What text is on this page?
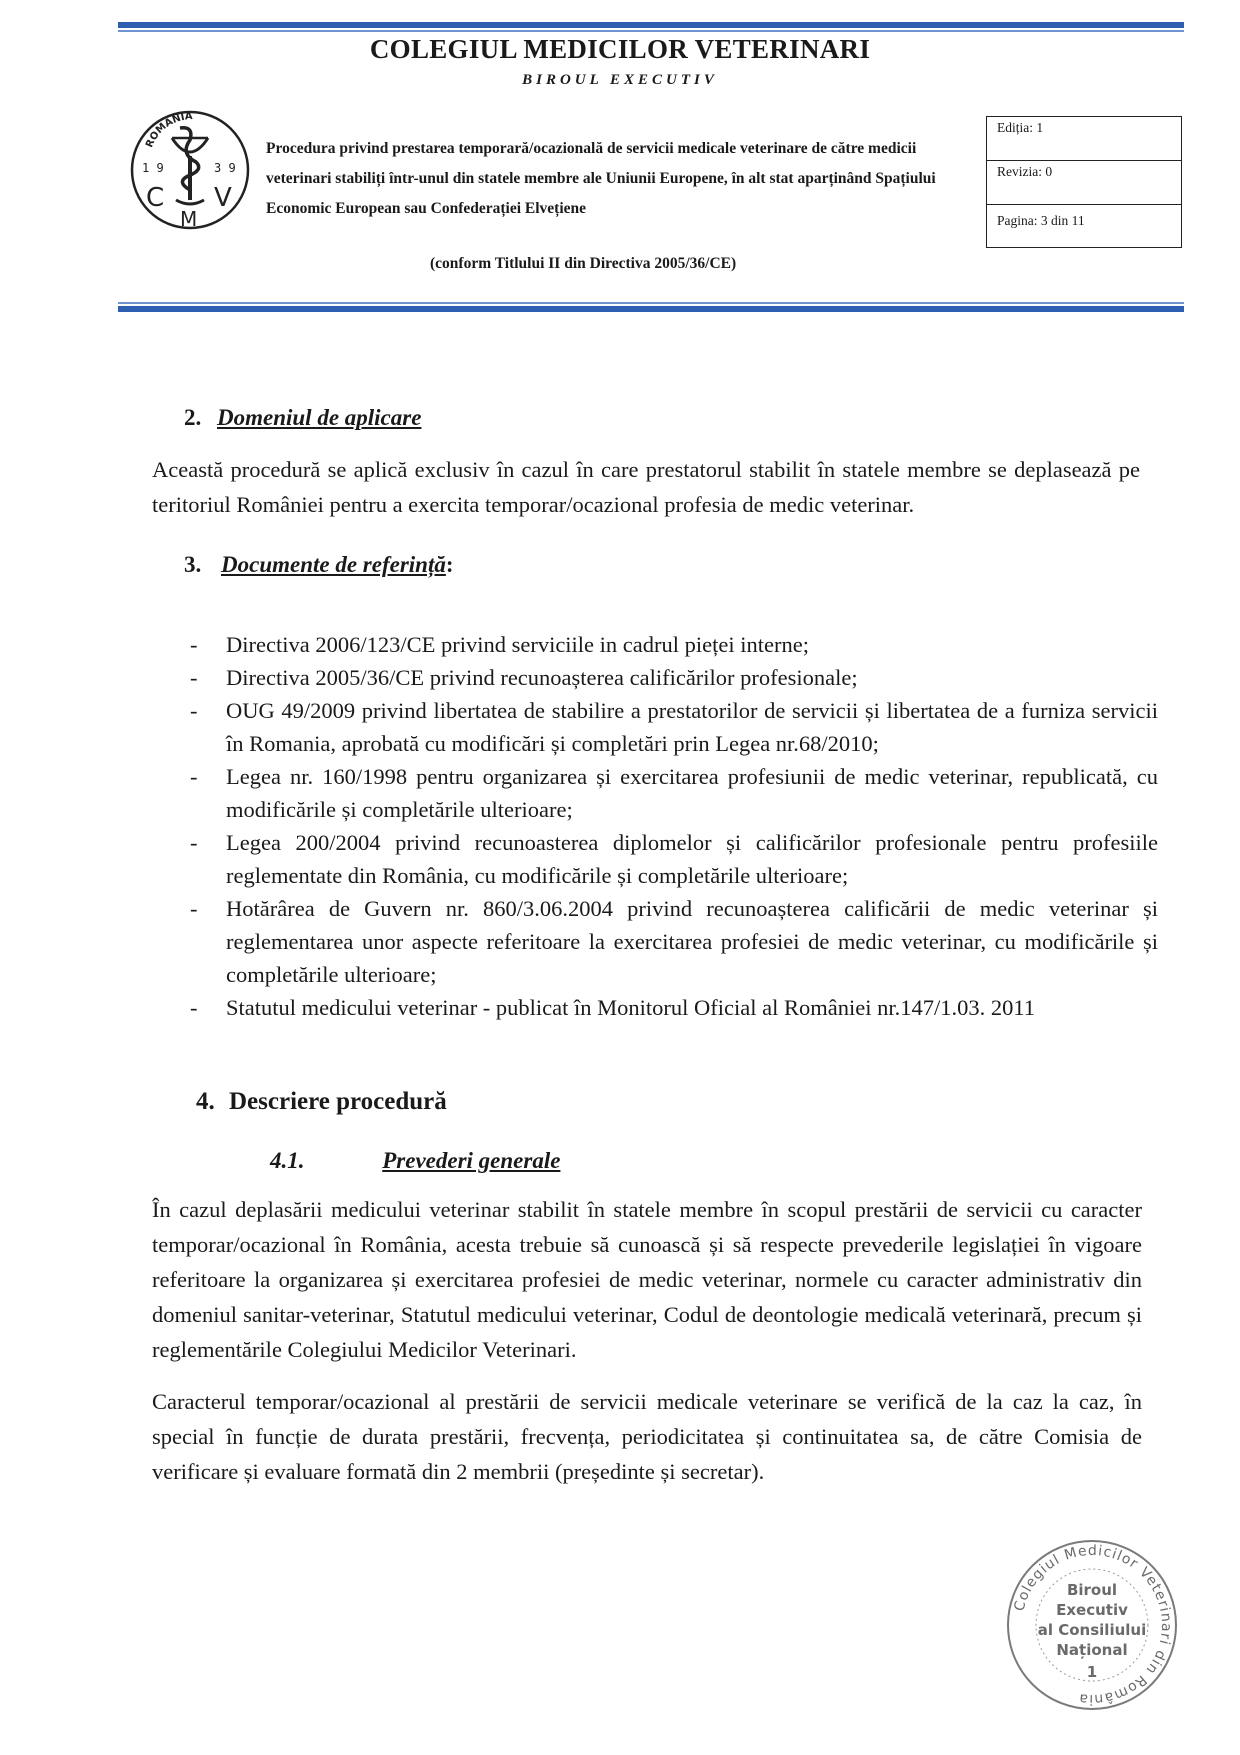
COLEGIUL MEDICILOR VETERINARI
BIROUL EXECUTIV
ROMANIA
1 9	3 9
C
M
V
Procedura privind prestarea temporară/ocazională de servicii medicale veterinare de către medicii veterinari stabiliți într-unul din statele membre ale Uniunii Europene, în alt stat aparținând Spațiului Economic European sau Confederației Elvețiene
Ediția: 1
Revizia: 0
Pagina: 3 din 11
(conform Titlului II din Directiva 2005/36/CE)
2. Domeniul de aplicare
Această procedură se aplică exclusiv în cazul în care prestatorul stabilit în statele membre se deplasează pe teritoriul României pentru a exercita temporar/ocazional profesia de medic veterinar.
3. Documente de referință:
- Directiva 2006/123/CE privind serviciile in cadrul pieței interne;
- Directiva 2005/36/CE privind recunoașterea calificărilor profesionale;
- OUG 49/2009 privind libertatea de stabilire a prestatorilor de servicii și libertatea de a furniza servicii în Romania, aprobată cu modificări și completări prin Legea nr.68/2010;
- Legea nr. 160/1998 pentru organizarea și exercitarea profesiunii de medic veterinar, republicată, cu modificările și completările ulterioare;
- Legea 200/2004 privind recunoasterea diplomelor și calificărilor profesionale pentru profesiile reglementate din România, cu modificările și completările ulterioare;
- Hotărârea de Guvern nr. 860/3.06.2004 privind recunoașterea calificării de medic veterinar și reglementarea unor aspecte referitoare la exercitarea profesiei de medic veterinar, cu modificările și completările ulterioare;
- Statutul medicului veterinar - publicat în Monitorul Oficial al României nr.147/1.03. 2011
4. Descriere procedură
4.1.	Prevederi generale
În cazul deplasării medicului veterinar stabilit în statele membre în scopul prestării de servicii cu caracter temporar/ocazional în România, acesta trebuie să cunoască și să respecte prevederile legislației în vigoare referitoare la organizarea și exercitarea profesiei de medic veterinar, normele cu caracter administrativ din domeniul sanitar-veterinar, Statutul medicului veterinar, Codul de deontologie medicală veterinară, precum și reglementările Colegiului Medicilor Veterinari.
Caracterul temporar/ocazional al prestării de servicii medicale veterinare se verifică de la caz la caz, în special în funcție de durata prestării, frecvența, periodicitatea și continuitatea sa, de către Comisia de verificare și evaluare formată din 2 membrii (președinte și secretar).
Colegiul Medicilor Veterinari din România
Biroul
Executiv
al Consiliului
Național
1
